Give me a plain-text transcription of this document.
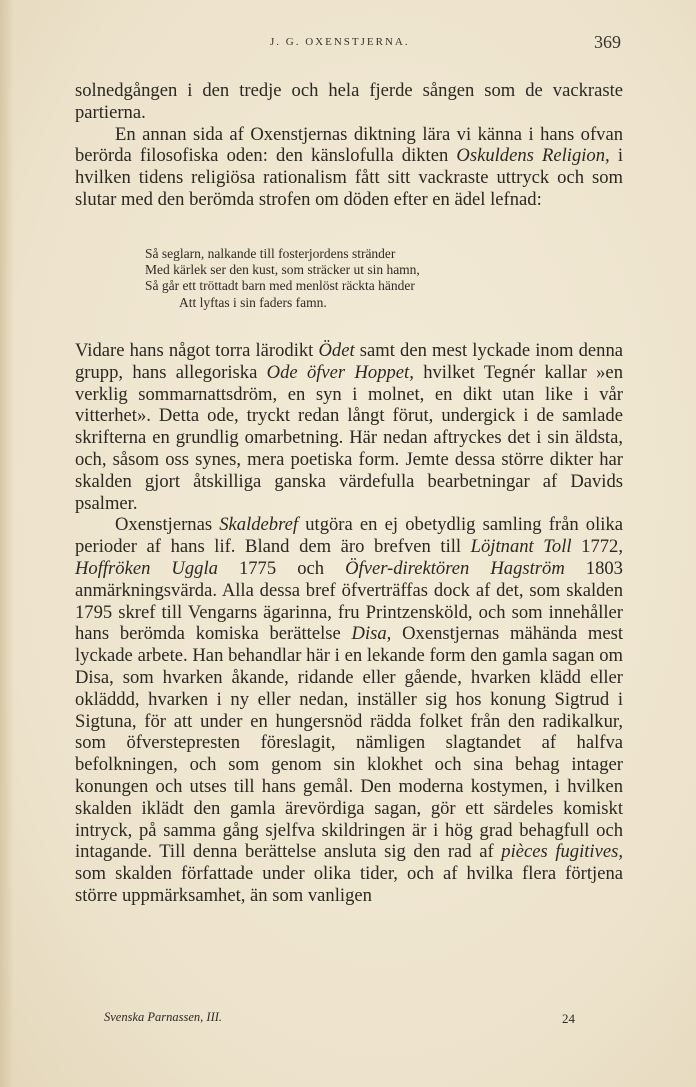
J. G. OXENSTJERNA.	369

solnedgången i den tredje och hela fjerde sången som de vackraste partierna.

En annan sida af Oxenstjernas diktning lära vi känna i hans ofvan berörda filosofiska oden: den känslofulla dikten Oskuldens Religion, i hvilken tidens religiösa rationalism fått sitt vackraste uttryck och som slutar med den berömda strofen om döden efter en ädel lefnad:

Så seglarn, nalkande till fosterjordens stränder
Med kärlek ser den kust, som sträcker ut sin hamn,
Så går ett tröttadt barn med menlöst räckta händer
Att lyftas i sin faders famn.

Vidare hans något torra lärodikt Ödet samt den mest lyckade inom denna grupp, hans allegoriska Ode öfver Hoppet, hvilket Tegnér kallar »en verklig sommarnattsdröm, en syn i molnet, en dikt utan like i vår vitterhet». Detta ode, tryckt redan långt förut, undergick i de samlade skrifterna en grundlig omarbetning. Här nedan aftryckes det i sin äldsta, och, såsom oss synes, mera poetiska form. Jemte dessa större dikter har skalden gjort åtskilliga ganska värdefulla bearbetningar af Davids psalmer.

Oxenstjernas Skaldebref utgöra en ej obetydlig samling från olika perioder af hans lif. Bland dem äro brefven till Löjtnant Toll 1772, Hoffröken Uggla 1775 och Öfver-direktören Hagström 1803 anmärkningsvärda. Alla dessa bref öfverträffas dock af det, som skalden 1795 skref till Vengarns ägarinna, fru Printzensköld, och som innehåller hans berömda komiska berättelse Disa, Oxenstjernas mähända mest lyckade arbete. Han behandlar här i en lekande form den gamla sagan om Disa, som hvarken åkande, ridande eller gående, hvarken klädd eller okläddd, hvarken i ny eller nedan, inställer sig hos konung Sigtrud i Sigtuna, för att under en hungersnöd rädda folket från den radikalkur, som öfverstepresten föreslagit, nämligen slagtandet af halfva befolkningen, och som genom sin klokhet och sina behag intager konungen och utses till hans gemål. Den moderna kostymen, i hvilken skalden iklädt den gamla ärevördiga sagan, gör ett särdeles komiskt intryck, på samma gång sjelfva skildringen är i hög grad behagfull och intagande. Till denna berättelse ansluta sig den rad af pièces fugitives, som skalden författade under olika tider, och af hvilka flera förtjena större uppmärksamhet, än som vanligen

Svenska Parnassen, III.	24
